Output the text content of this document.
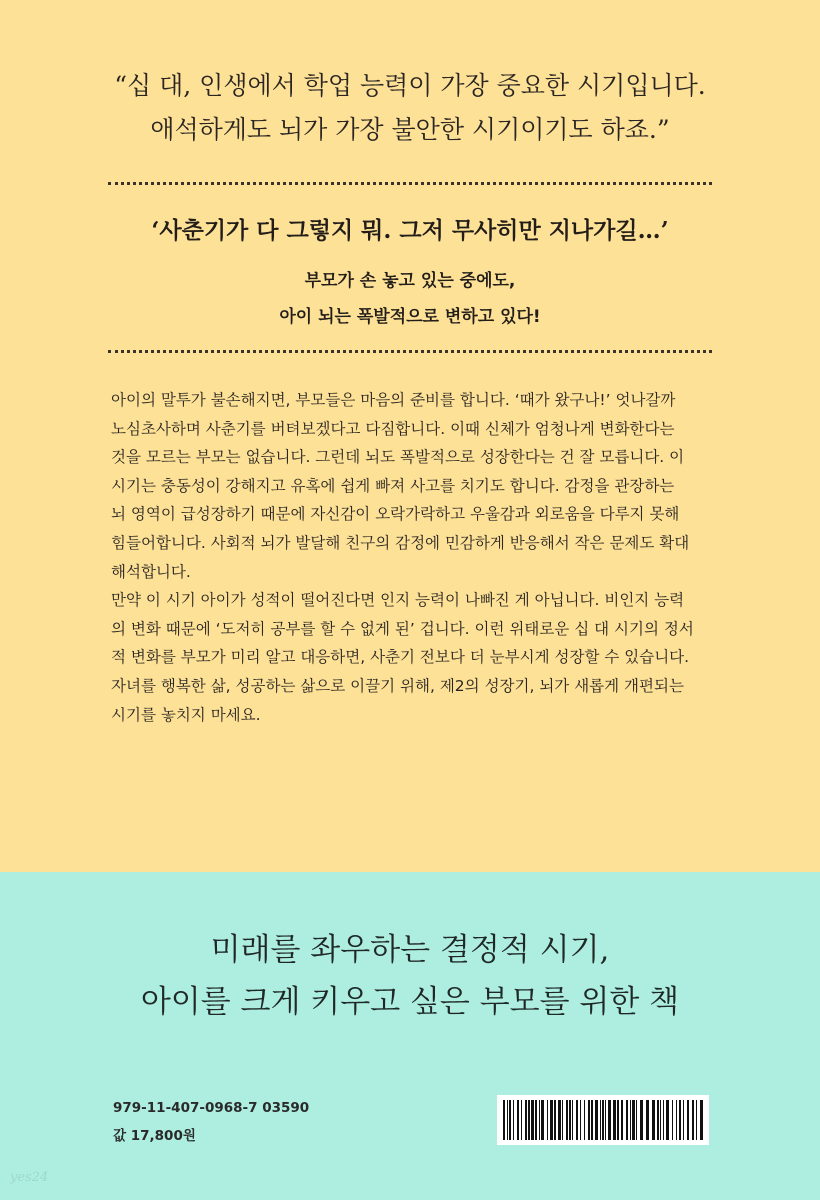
“십 대, 인생에서 학업 능력이 가장 중요한 시기입니다.

애석하게도 뇌가 가장 불안한 시기이기도 하죠.”

‘사춘기가 다 그렇지 뭐. 그저 무사히만 지나가길…’

부모가 손 놓고 있는 중에도,

아이 뇌는 폭발적으로 변하고 있다!

아이의 말투가 불손해지면, 부모들은 마음의 준비를 합니다. ‘때가 왔구나!’ 엇나갈까
노심초사하며 사춘기를 버텨보겠다고 다짐합니다. 이때 신체가 엄청나게 변화한다는
것을 모르는 부모는 없습니다. 그런데 뇌도 폭발적으로 성장한다는 건 잘 모릅니다. 이
시기는 충동성이 강해지고 유혹에 쉽게 빠져 사고를 치기도 합니다. 감정을 관장하는
뇌 영역이 급성장하기 때문에 자신감이 오락가락하고 우울감과 외로움을 다루지 못해
힘들어합니다. 사회적 뇌가 발달해 친구의 감정에 민감하게 반응해서 작은 문제도 확대
해석합니다.
만약 이 시기 아이가 성적이 떨어진다면 인지 능력이 나빠진 게 아닙니다. 비인지 능력
의 변화 때문에 ‘도저히 공부를 할 수 없게 된’ 겁니다. 이런 위태로운 십 대 시기의 정서
적 변화를 부모가 미리 알고 대응하면, 사춘기 전보다 더 눈부시게 성장할 수 있습니다.
자녀를 행복한 삶, 성공하는 삶으로 이끌기 위해, 제2의 성장기, 뇌가 새롭게 개편되는
시기를 놓치지 마세요.

미래를 좌우하는 결정적 시기,

아이를 크게 키우고 싶은 부모를 위한 책

979-11-407-0968-7 03590

값 17,800원

yes24
